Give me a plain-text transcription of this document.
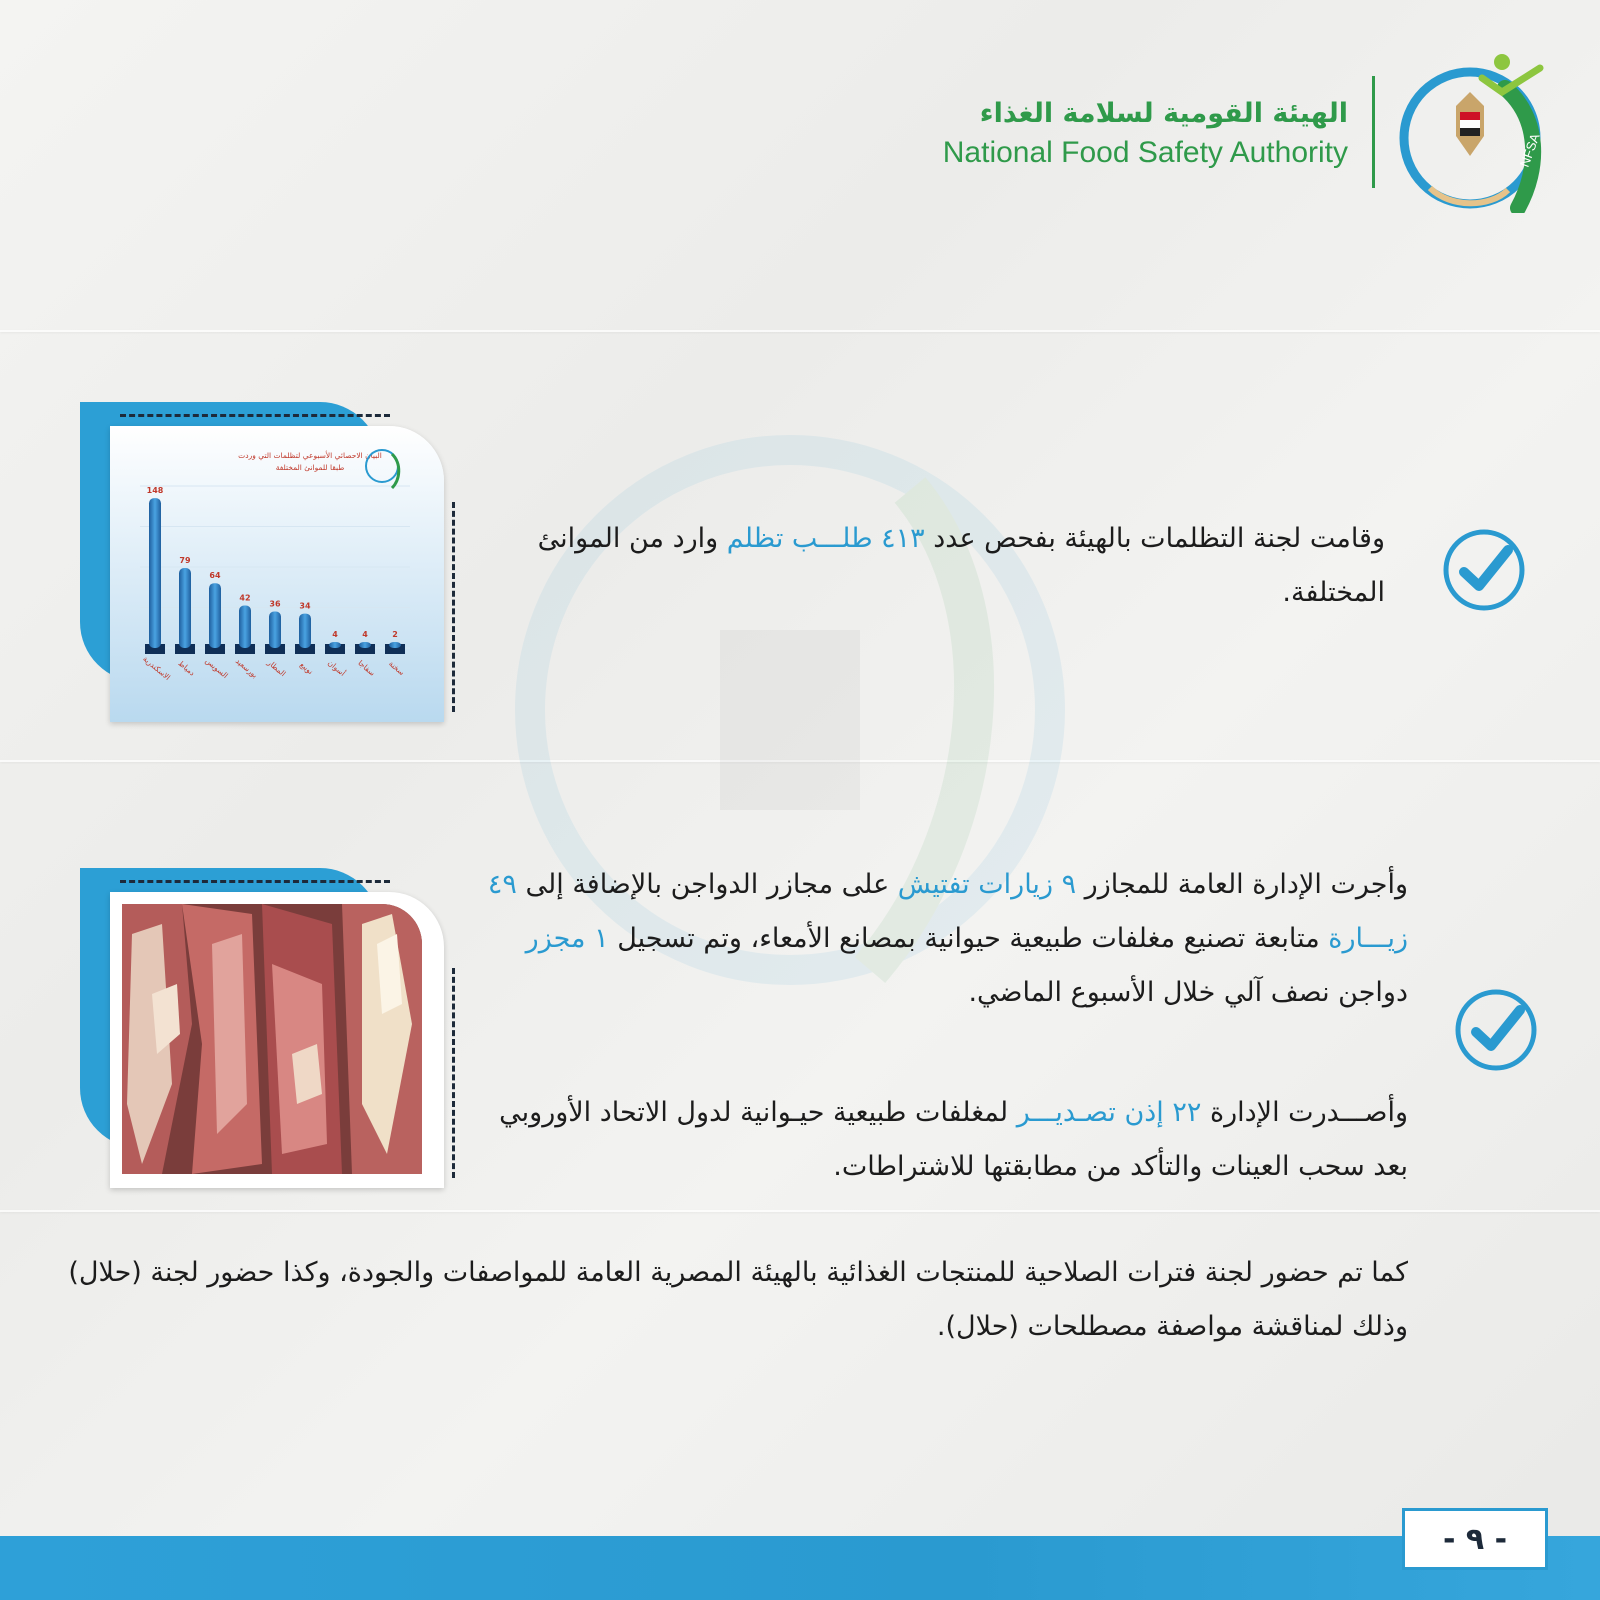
NFSA
الهيئة القومية لسلامة الغذاء
National Food Safety Authority
148
79
64
42
36 34
4	4	2
الاسكندرية دمياط السويس بورسعيد المطار نويبع أسوان سفاجا سخنة
البيان الاحصائي الأسبوعي لتظلمات التي وردت
طبقا للموانئ المختلفة
وقامت لجنة التظلمات بالهيئة بفحص عدد ٤١٣ طلـــب تظلم وارد من الموانئ المختلفة.
وأجرت الإدارة العامة للمجازر ٩ زيارات تفتيش على مجازر الدواجن بالإضافة إلى ٤٩ زيـــارة متابعة تصنيع مغلفات طبيعية حيوانية بمصانع الأمعاء، وتم تسجيل ١ مجزر دواجن نصف آلي خلال الأسبوع الماضي.
وأصـــدرت الإدارة ٢٢ إذن تصـديـــر لمغلفات طبيعية حيـوانية لدول الاتحاد الأوروبي بعد سحب العينات والتأكد من مطابقتها للاشتراطات.
كما تم حضور لجنة فترات الصلاحية للمنتجات الغذائية بالهيئة المصرية العامة للمواصفات والجودة، وكذا حضور لجنة (حلال) وذلك لمناقشة مواصفة مصطلحات (حلال).
- ٩ -
